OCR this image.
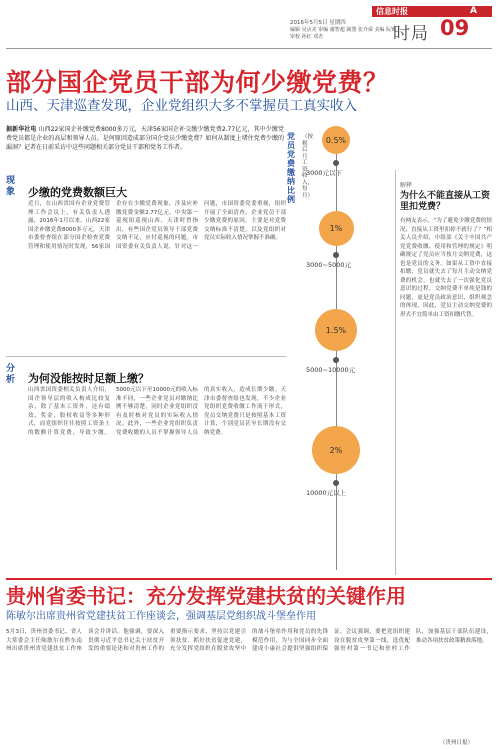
信息时报	A
2016年5月5日 星期四
编辑 吴贞美 审编 谢智超 制图 张介舜 美编 阮锦 审校 孙红 邓杏	时局 09
部分国企党员干部为何少缴党费？
山西、天津巡查发现，企业党组织大多不掌握员工真实收入
据新华社电 山西22家国企补缴党费8000多万元，天津56家国企补交缴少缴党费2.77亿元，其中少缴党费党员都是企业的高层和领导人员。是何原因造成部分国企党员少缴党费？如何从制度上堵住党费少缴的漏洞？记者在日前采访中这些问题相关部分党员干部和党务工作者。
党员党费缴纳比例
（按税后月工资收入，每月）
0.5%
3000元以下
1%
3000~5000元
1.5%
5000~10000元
2%
10000元以上
解释
为什么不能直接从工资里扣党费？
有网友表示，“为了避免少缴党费的情况，直接从工资里扣掉不就行了？”相关人员介绍，中组部《关于中国共产党党费收缴、使用和管理的规定》明确规定了党员应当按月交纳党费，这也是党员的义务。如果从工资中直接扣缴，党员就失去了每月主动交纳党费的机会，也就失去了一次强化党员意识的过程。交纳党费不单纯是钱的问题，更是党员政治意识、组织观念的体现。因此，党员主动交纳党费的形式不宜简单由工资扣缴代替。
现象	少缴的党费数额巨大
近日，在山西省国有企业党费管理工作会议上，有关负责人透露，2016年1月以来，山西22家国企补缴党费8000多万元。天津市委督查组在部分国企检查党费管理和使用情况时发现，56家国企存在少缴党费现象，涉及应补缴党费金额2.77亿元。中央第一巡视组巡视山西、天津时曾指出，有些国企党员领导干部党费交纳不足、应付巡视的问题。市国资委有关负责人说，针对这一问题，市国资委党委重视，组织开展了全面清查。企业党员干部少缴党费的原因，主要是对党费交纳标准不清楚，以及党组织对党员实际收入情况掌握不准确。
分析	为何没能按时足额上缴？
山西省国资委相关负责人介绍，国企领导层的收入构成比较复杂，除了基本工资外，还有绩效、奖金、股权收益等多种形式，而党组织往往按照工资条上的数额计算党费，导致少缴。5000元以下至10000元的收入标准不同，一些企业党员对缴纳比例不够清楚，同时企业党组织没有及时核对党员的实际收入情况。此外，一些企业党组织负责党费收缴的人员不掌握领导人员的真实收入，造成长期少缴。天津市委督查组也发现，不少企业党组织党费收缴工作流于形式，党员交纳党费只是按照基本工资计算，个别党员甚至长期没有交纳党费。
贵州省委书记：充分发挥党建扶贫的关键作用
陈敏尔出席贵州省党建扶贫工作座谈会，强调基层党组织战斗堡垒作用
5月3日，贵州省委书记、省人大常委会主任陈敏尔在黔东南州出席贵州省党建扶贫工作座谈会并讲话。他强调，要深入贯彻习近平总书记关于扶贫开发的重要论述和对贵州工作的重要指示要求，坚持以党建引领扶贫、抓好扶贫促进党建，充分发挥党组织在脱贫攻坚中的战斗堡垒作用和党员的先锋模范作用，为与全国同步全面建成小康社会提供坚强组织保证。会议强调，要把党组织建设在脱贫攻坚第一线，选优配强驻村第一书记和驻村工作队，加强基层干部队伍建设，推动各项扶贫政策精准落地。
（贵州日报）
